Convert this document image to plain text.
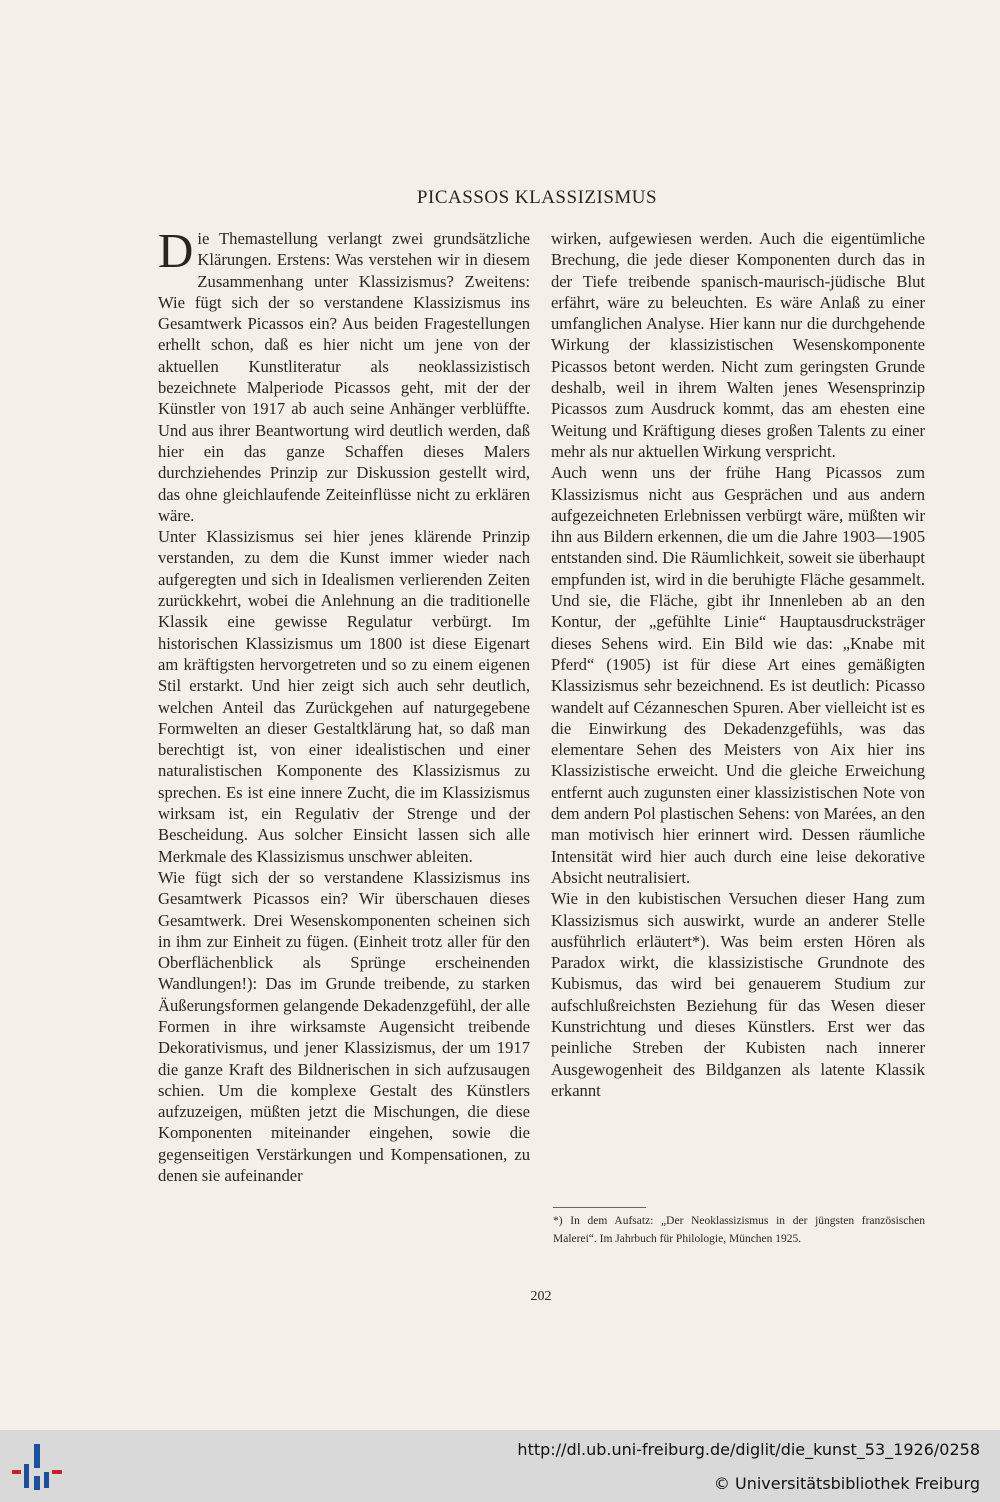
PICASSOS KLASSIZISMUS

Die Themastellung verlangt zwei grundsätzliche Klärungen. Erstens: Was verstehen wir in diesem Zusammenhang unter Klassizismus? Zweitens: Wie fügt sich der so verstandene Klassizismus ins Gesamtwerk Picassos ein? Aus beiden Fragestellungen erhellt schon, daß es hier nicht um jene von der aktuellen Kunstliteratur als neoklassizistisch bezeichnete Malperiode Picassos geht, mit der der Künstler von 1917 ab auch seine Anhänger verblüffte. Und aus ihrer Beantwortung wird deutlich werden, daß hier ein das ganze Schaffen dieses Malers durchziehendes Prinzip zur Diskussion gestellt wird, das ohne gleichlaufende Zeiteinflüsse nicht zu erklären wäre.

Unter Klassizismus sei hier jenes klärende Prinzip verstanden, zu dem die Kunst immer wieder nach aufgeregten und sich in Idealismen verlierenden Zeiten zurückkehrt, wobei die Anlehnung an die traditionelle Klassik eine gewisse Regulatur verbürgt. Im historischen Klassizismus um 1800 ist diese Eigenart am kräftigsten hervorgetreten und so zu einem eigenen Stil erstarkt. Und hier zeigt sich auch sehr deutlich, welchen Anteil das Zurückgehen auf naturgegebene Formwelten an dieser Gestaltklärung hat, so daß man berechtigt ist, von einer idealistischen und einer naturalistischen Komponente des Klassizismus zu sprechen. Es ist eine innere Zucht, die im Klassizismus wirksam ist, ein Regulativ der Strenge und der Bescheidung. Aus solcher Einsicht lassen sich alle Merkmale des Klassizismus unschwer ableiten.

Wie fügt sich der so verstandene Klassizismus ins Gesamtwerk Picassos ein? Wir überschauen dieses Gesamtwerk. Drei Wesenskomponenten scheinen sich in ihm zur Einheit zu fügen. (Einheit trotz aller für den Oberflächenblick als Sprünge erscheinenden Wandlungen!): Das im Grunde treibende, zu starken Äußerungsformen gelangende Dekadenzgefühl, der alle Formen in ihre wirksamste Augensicht treibende Dekorativismus, und jener Klassizismus, der um 1917 die ganze Kraft des Bildnerischen in sich aufzusaugen schien. Um die komplexe Gestalt des Künstlers aufzuzeigen, müßten jetzt die Mischungen, die diese Komponenten miteinander eingehen, sowie die gegenseitigen Verstärkungen und Kompensationen, zu denen sie aufeinander

wirken, aufgewiesen werden. Auch die eigentümliche Brechung, die jede dieser Komponenten durch das in der Tiefe treibende spanisch-maurisch-jüdische Blut erfährt, wäre zu beleuchten. Es wäre Anlaß zu einer umfanglichen Analyse. Hier kann nur die durchgehende Wirkung der klassizistischen Wesenskomponente Picassos betont werden. Nicht zum geringsten Grunde deshalb, weil in ihrem Walten jenes Wesensprinzip Picassos zum Ausdruck kommt, das am ehesten eine Weitung und Kräftigung dieses großen Talents zu einer mehr als nur aktuellen Wirkung verspricht.

Auch wenn uns der frühe Hang Picassos zum Klassizismus nicht aus Gesprächen und aus andern aufgezeichneten Erlebnissen verbürgt wäre, müßten wir ihn aus Bildern erkennen, die um die Jahre 1903—1905 entstanden sind. Die Räumlichkeit, soweit sie überhaupt empfunden ist, wird in die beruhigte Fläche gesammelt. Und sie, die Fläche, gibt ihr Innenleben ab an den Kontur, der „gefühlte Linie“ Hauptausdrucksträger dieses Sehens wird. Ein Bild wie das: „Knabe mit Pferd“ (1905) ist für diese Art eines gemäßigten Klassizismus sehr bezeichnend. Es ist deutlich: Picasso wandelt auf Cézanneschen Spuren. Aber vielleicht ist es die Einwirkung des Dekadenzgefühls, was das elementare Sehen des Meisters von Aix hier ins Klassizistische erweicht. Und die gleiche Erweichung entfernt auch zugunsten einer klassizistischen Note von dem andern Pol plastischen Sehens: von Marées, an den man motivisch hier erinnert wird. Dessen räumliche Intensität wird hier auch durch eine leise dekorative Absicht neutralisiert.

Wie in den kubistischen Versuchen dieser Hang zum Klassizismus sich auswirkt, wurde an anderer Stelle ausführlich erläutert*). Was beim ersten Hören als Paradox wirkt, die klassizistische Grundnote des Kubismus, das wird bei genauerem Studium zur aufschlußreichsten Beziehung für das Wesen dieser Kunstrichtung und dieses Künstlers. Erst wer das peinliche Streben der Kubisten nach innerer Ausgewogenheit des Bildganzen als latente Klassik erkannt

*) In dem Aufsatz: „Der Neoklassizismus in der jüngsten französischen Malerei“. Im Jahrbuch für Philologie, München 1925.
202
http://dl.ub.uni-freiburg.de/diglit/die_kunst_53_1926/0258
© Universitätsbibliothek Freiburg
